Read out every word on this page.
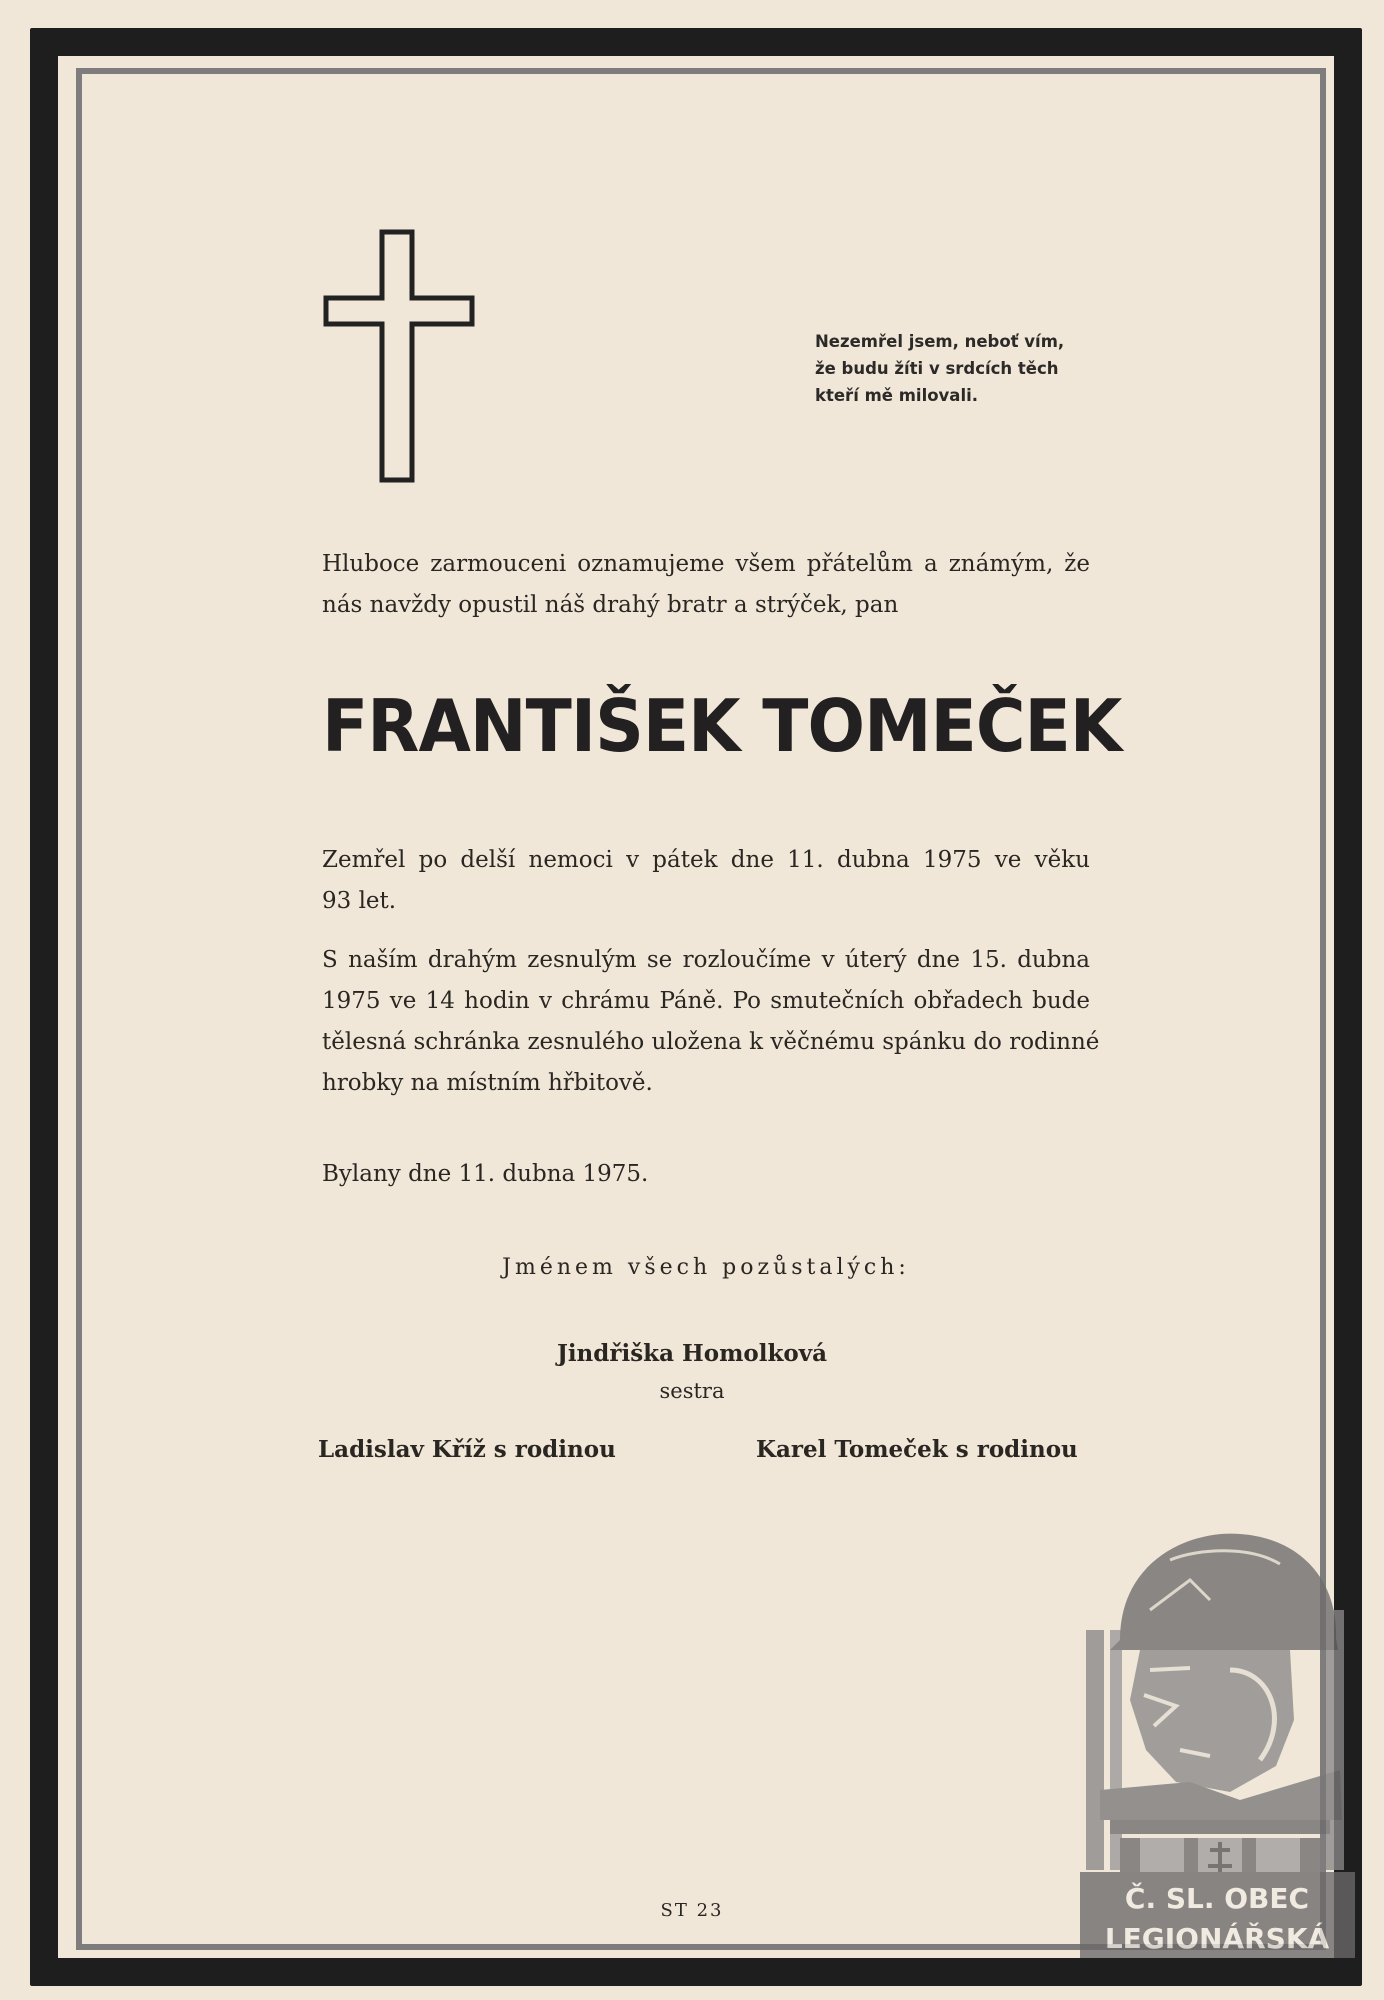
Nezemřel jsem, neboť vím,
že budu žíti v srdcích těch
kteří mě milovali.
Hluboce zarmouceni oznamujeme všem přátelům a známým, že
nás navždy opustil náš drahý bratr a strýček, pan
FRANTIŠEK TOMEČEK
Zemřel po delší nemoci v pátek dne 11. dubna 1975 ve věku
93 let.
S naším drahým zesnulým se rozloučíme v úterý dne 15. dubna
1975 ve 14 hodin v chrámu Páně. Po smutečních obřadech bude
tělesná schránka zesnulého uložena k věčnému spánku do rodinné
hrobky na místním hřbitově.
Bylany dne 11. dubna 1975.
Jménem všech pozůstalých:
Jindřiška Homolková
sestra
Ladislav Kříž s rodinou	Karel Tomeček s rodinou
ST 23	Č. SL. OBEC
LEGIONÁŘSKÁ
